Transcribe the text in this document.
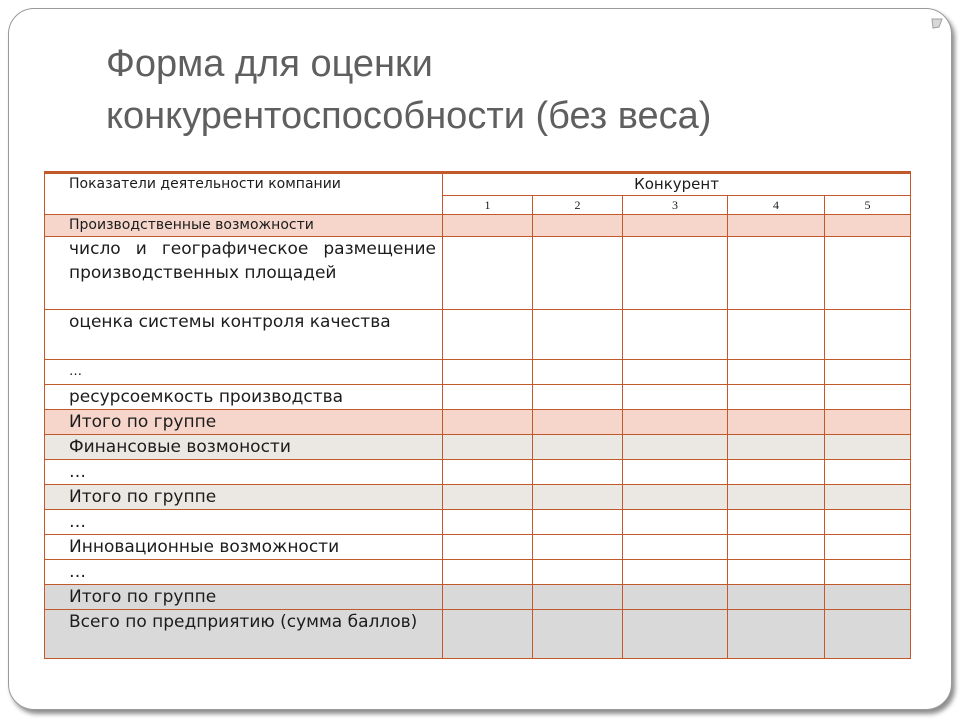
Форма для оценки
конкурентоспособности (без веса)
Показатели деятельности компании	Конкурент				
	1	2	3	4	5
Производственные возможности					
число и географическое размещение производственных площадей					
оценка системы контроля качества					
…					
ресурсоемкость производства					
Итого по группе					
Финансовые возмоности					
…					
Итого по группе					
…					
Инновационные возможности					
…					
Итого по группе					
Всего по предприятию (сумма баллов)					
